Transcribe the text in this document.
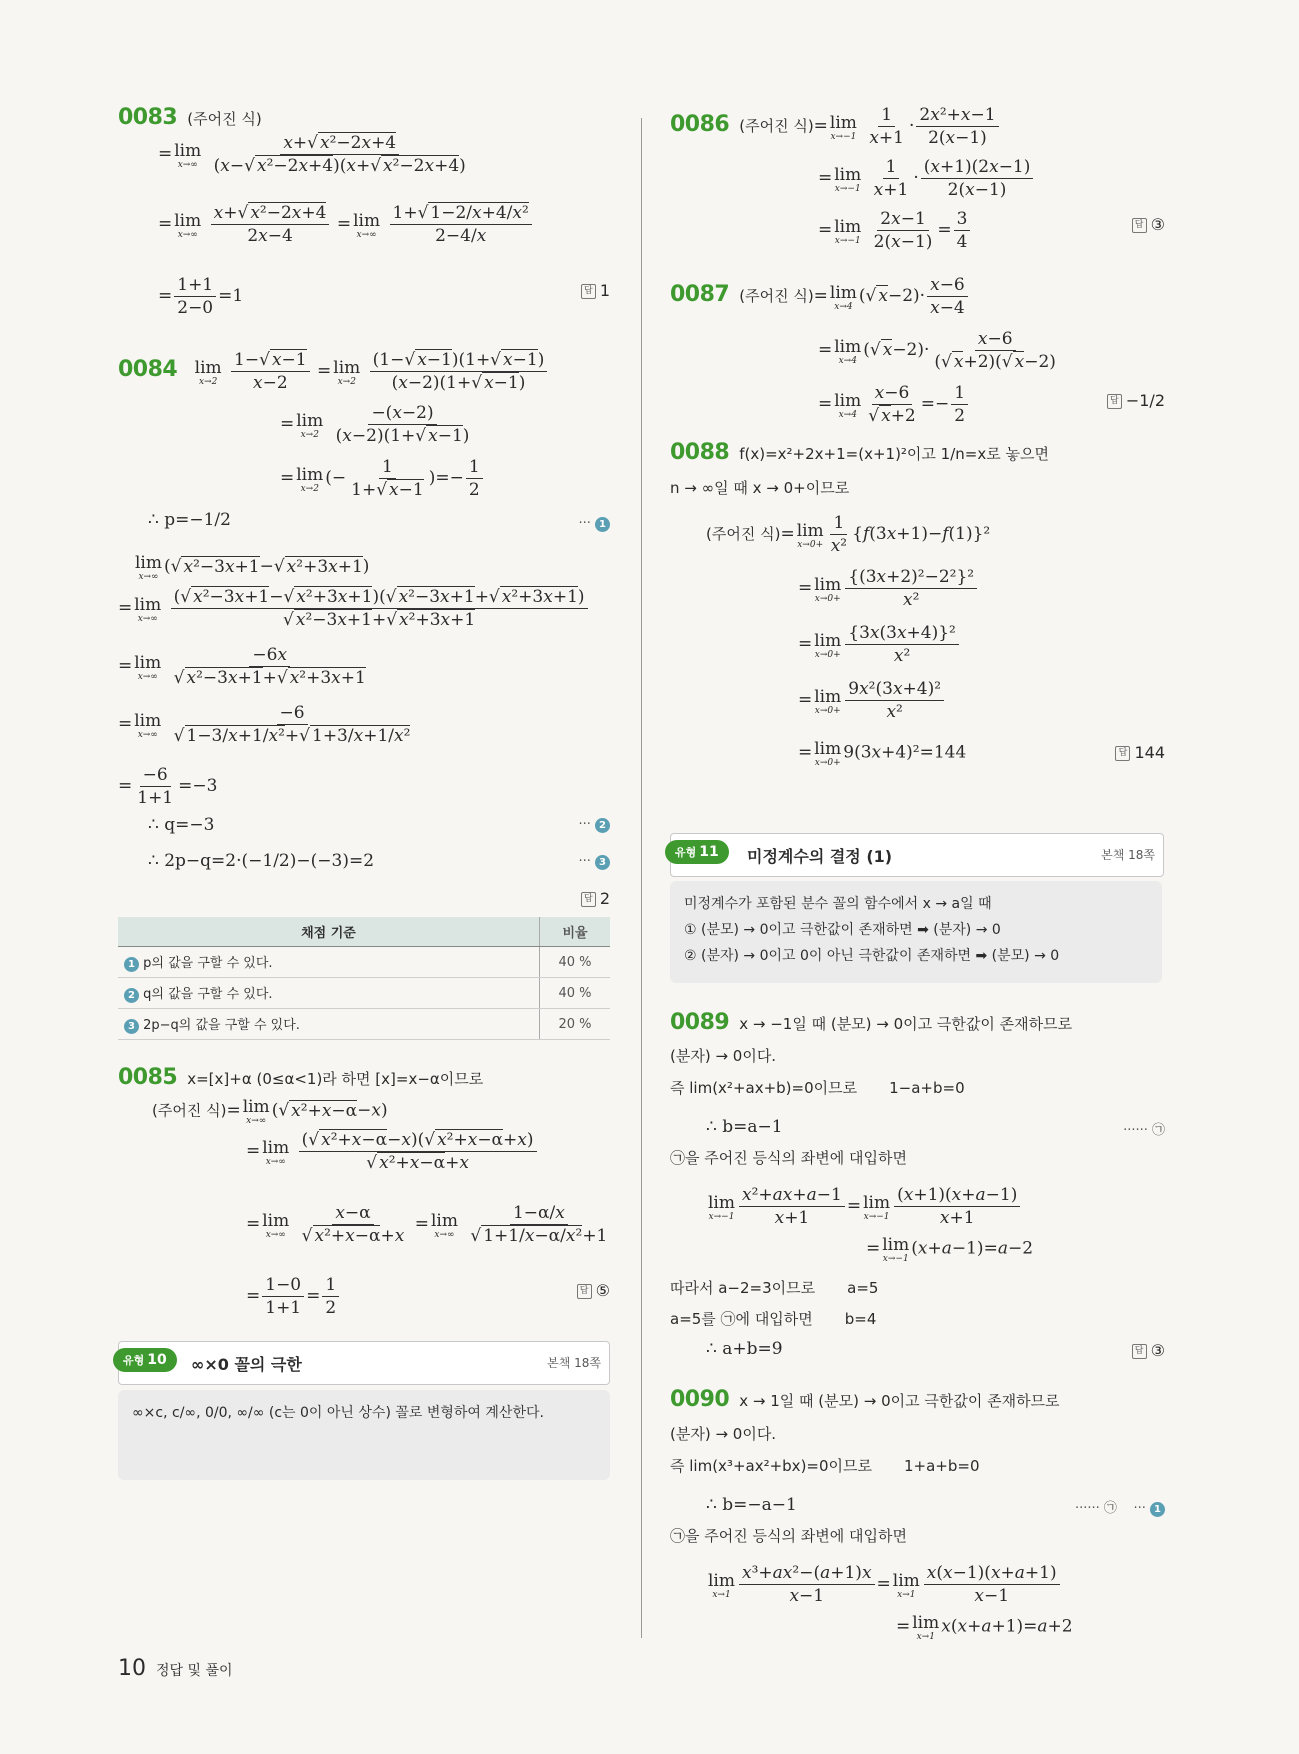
0083 (주어진 식)
= lim
x→∞
$\frac{\text{x+√ x²−2x+4}}{\text{(x−√ x²−2x+4)(x+√ x²−2x+4)}}$
= lim
x→∞
$\frac{\text{x+√ x²−2x+4}}{2x-4} = \lim$
x→∞
$\frac{\text{1+√ 1−2/x+4/x²}}{2-4/x}$
= $\frac{1+1}{2-0} =1$	답 1
0084 lim
x→2
$\frac{1-√ x-1}{x-2} = \lim$
x→2
$\frac{(1-√ x-1)(1+√ x-1)}{(x-2)(1+√ x-1)}$
= lim
x→2
$\frac{-(x-2)}{(x-2)(1+√ x-1)}$
= lim
x→2
(− $\frac{1}{1+√ x-1}$ )=− $\frac{1}{2}$
∴ p=−1/2	··· 1
lim
x→∞
(√ x²−3x+1−√ x²+3x+1)
= lim
x→∞
$\frac{\text{(√ x²−3x+1−√ x²+3x+1)(√ x²−3x+1+√ x²+3x+1)}}{\text{√ x²−3x+1+√ x²+3x+1}}$
= lim
x→∞
$\frac{-6x}{\text{√ x²−3x+1+√ x²+3x+1}}$
= lim
x→∞
$\frac{-6}{\text{√ 1−3/x+1/x²+√ 1+3/x+1/x²}}$
= $\frac{-6}{1+1} =-3$
∴ q=−3	··· 2
∴ 2p−q=2·(−1/2)−(−3)=2	··· 3
답 2
채점 기준	비율
1 p의 값을 구할 수 있다.	40 %
2 q의 값을 구할 수 있다.	40 %
3 2p−q의 값을 구할 수 있다.	20 %
0085 x=[x]+α (0≤α<1)라 하면 [x]=x−α이므로
(주어진 식)= lim
x→∞
(√ x²+x−α−x)
= lim
x→∞
$\frac{\text{(√ x²+x−α−x)(√ x²+x−α+x)}}{\text{√ x²+x−α+x}}$
= lim
x→∞
$\frac{x-\alpha}{\text{√ x²+x−α+x}} = \lim$
x→∞
$\frac{1-\alpha/x}{\text{√ 1+1/x−α/x²+1}}$
= $\frac{1-0}{1+1} = \frac{1}{2}$	답 ⑤
유형 10	∞×0 꼴의 극한	본책 18쪽
∞×c, c/∞, 0/0, ∞/∞ (c는 0이 아닌 상수) 꼴로 변형하여 계산한다.
0086 (주어진 식)= lim
x→−1
$\frac{1}{x+1} \cdot \frac{\text{2x²+x−1}}{2(x-1)}$
= lim
x→−1
$\frac{1}{x+1} \cdot \frac{(x+1)(2x-1)}{2(x-1)}$
= lim
x→−1
$\frac{2x-1}{2(x-1)} = \frac{3}{4}$	답 ③
0087 (주어진 식)= lim
x→4
(√ $x-2)\cdot \frac{x-6}{x-4}$
= lim
x→4
(√ $x-2)\cdot \frac{x-6}{(√ x+2)(√ x-2)}$
= lim
$x\to 4 \frac{x-6}{√ x+2} =- \frac{1}{2}$	답 −1/2
0088 f(x)=x²+2x+1=(x+1)²이고 1/n=x로 놓으면
n → ∞일 때 x → 0+이므로
(주어진 식)= lim
$x\to 0+ \frac{1}{\text{x²}} \{f(3x+1)-f(1)\}^2$
= lim
$x\to 0+ \frac{\text{\{(3x+2)²−2²\}²}}{\text{x²}}$
= lim
$x\to 0+ \frac{\text{\{3x(3x+4)\}²}}{\text{x²}}$
= lim
$x\to 0+ \frac{\text{9x²(3x+4)²}}{\text{x²}}$
= lim
x→0+
9(3x+4)²=144	답 144
유형 11	미정계수의 결정 (1)	본책 18쪽
미정계수가 포함된 분수 꼴의 함수에서 x → a일 때
① (분모) → 0이고 극한값이 존재하면 ➡ (분자) → 0
② (분자) → 0이고 0이 아닌 극한값이 존재하면 ➡ (분모) → 0
0089 x → −1일 때 (분모) → 0이고 극한값이 존재하므로
(분자) → 0이다.
즉 lim(x²+ax+b)=0이므로 1−a+b=0
∴ b=a−1	······ ㉠
㉠을 주어진 등식의 좌변에 대입하면
lim
$x\to-1 \frac{\text{x²+ax+a−1}}{x+1} = \lim$
$x\to-1 \frac{(x+1)(x+a-1)}{x+1}$
= lim
x→−1
(x+a−1)=a−2
따라서 a−2=3이므로 a=5
a=5를 ㉠에 대입하면 b=4
∴ a+b=9	답 ③
0090 x → 1일 때 (분모) → 0이고 극한값이 존재하므로
(분자) → 0이다.
즉 lim(x³+ax²+bx)=0이므로 1+a+b=0
∴ b=−a−1	······ ㉠    ··· 1
㉠을 주어진 등식의 좌변에 대입하면
lim
$x\to 1 \frac{\text{x³+ax²−(a+1)x}}{x-1} = \lim$
$x\to 1 \frac{x(x-1)(x+a+1)}{x-1}$
= lim
x→1
x(x+a+1)=a+2
10 정답 및 풀이
